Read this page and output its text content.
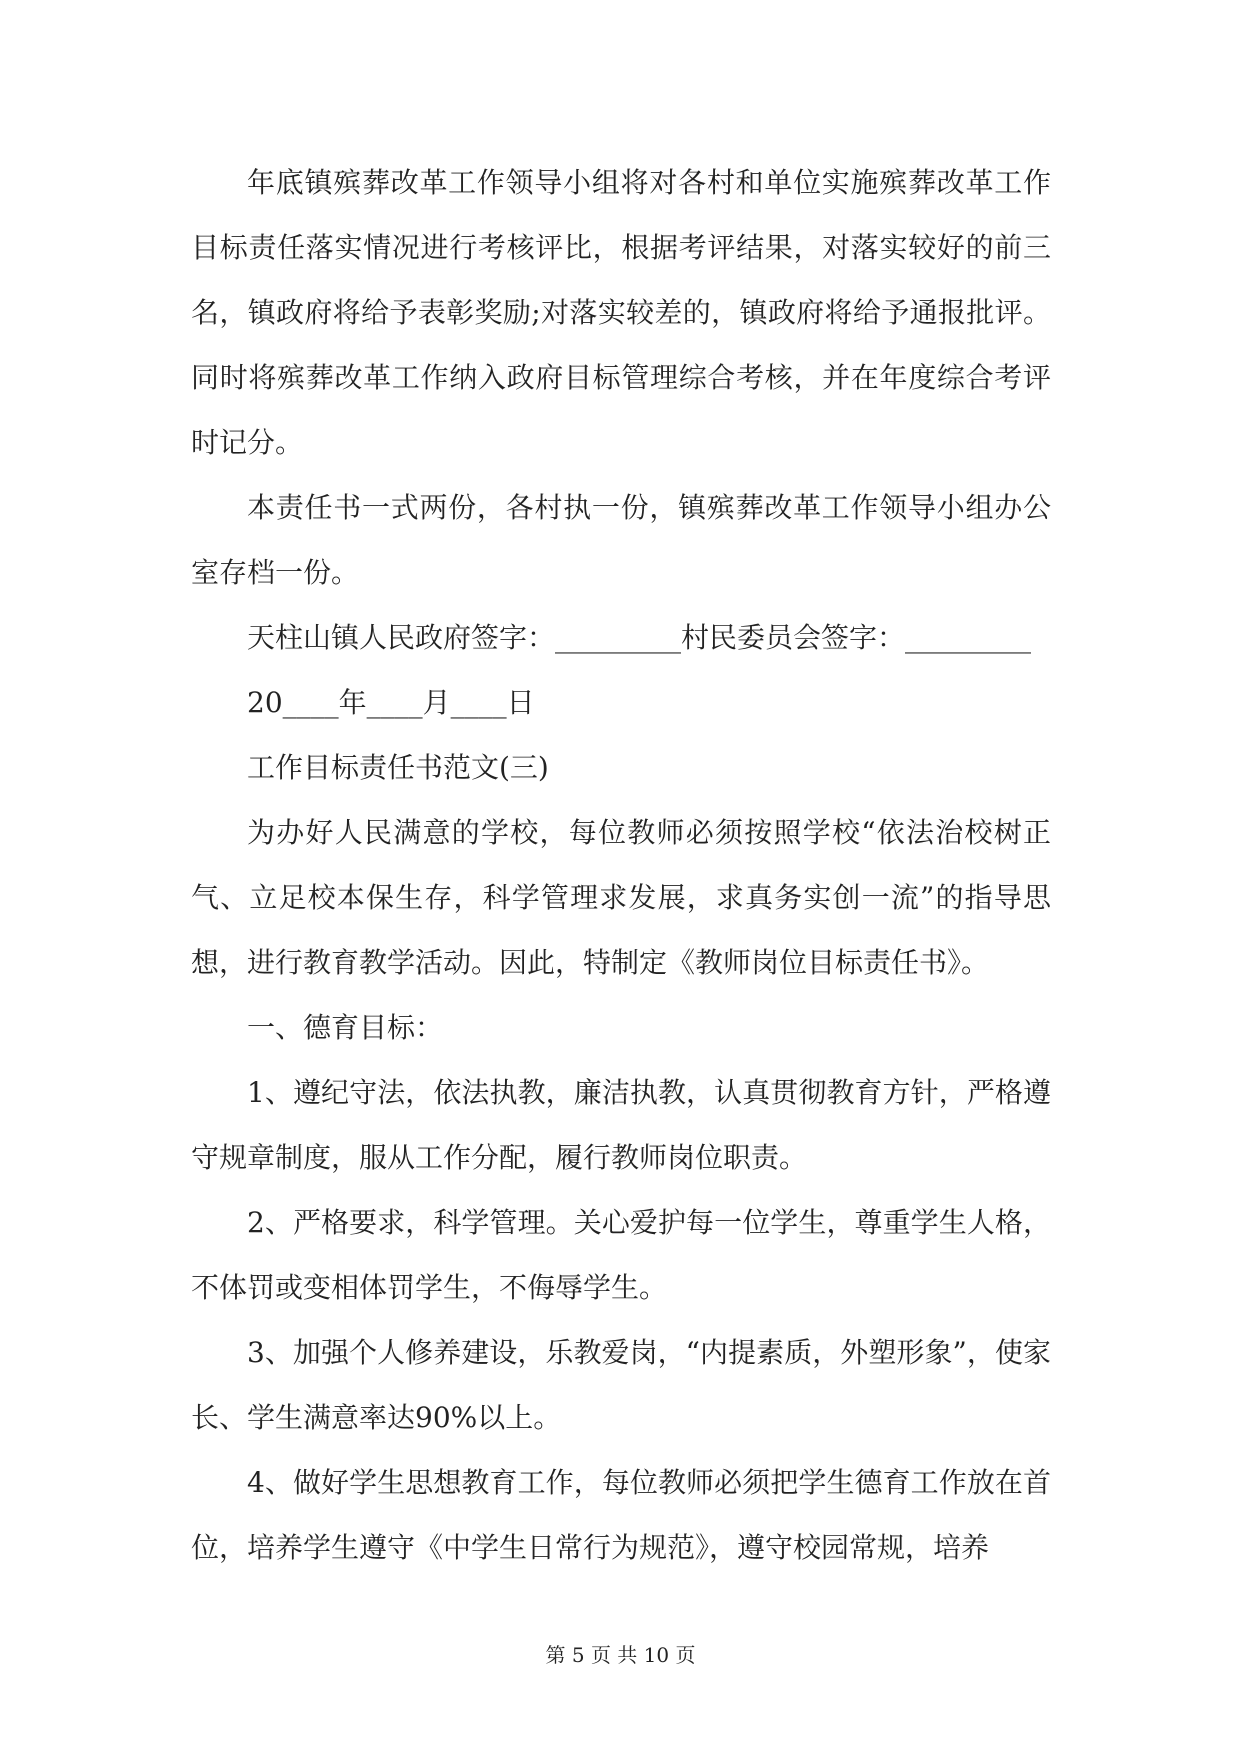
年底镇殡葬改革工作领导小组将对各村和单位实施殡葬改革工作目标责任落实情况进行考核评比，根据考评结果，对落实较好的前三名，镇政府将给予表彰奖励;对落实较差的，镇政府将给予通报批评。同时将殡葬改革工作纳入政府目标管理综合考核，并在年度综合考评时记分。

本责任书一式两份，各村执一份，镇殡葬改革工作领导小组办公室存档一份。

天柱山镇人民政府签字：_________村民委员会签字：_________

20____年____月____日

工作目标责任书范文(三)

为办好人民满意的学校，每位教师必须按照学校“依法治校树正气、立足校本保生存，科学管理求发展，求真务实创一流”的指导思想，进行教育教学活动。因此，特制定《教师岗位目标责任书》。

一、德育目标：

1、遵纪守法，依法执教，廉洁执教，认真贯彻教育方针，严格遵守规章制度，服从工作分配，履行教师岗位职责。

2、严格要求，科学管理。关心爱护每一位学生，尊重学生人格，不体罚或变相体罚学生，不侮辱学生。

3、加强个人修养建设，乐教爱岗，“内提素质，外塑形象”，使家长、学生满意率达90%以上。

4、做好学生思想教育工作，每位教师必须把学生德育工作放在首位，培养学生遵守《中学生日常行为规范》，遵守校园常规，培养

第 5 页 共 10 页
